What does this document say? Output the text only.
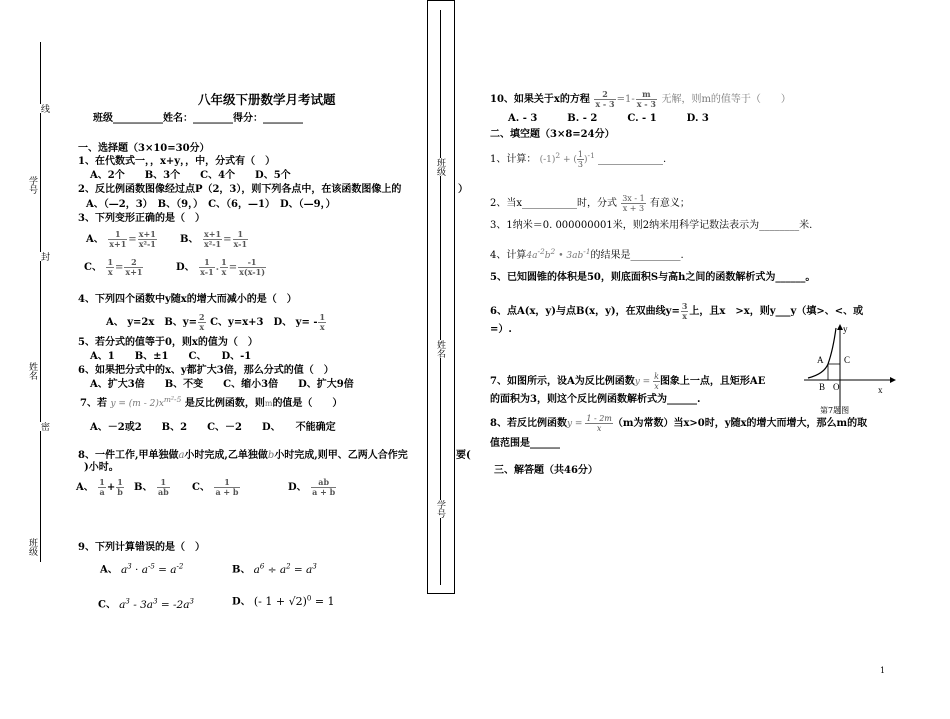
学号
线
封
姓名
密
班级
班级
姓名
学号
八年级下册数学月考试题
班级__________姓名：________得分：________
一、选择题（3×10=30分）
1、在代数式一，，x+y，，中，分式有（　）
A、2个　　B、3个　　C、4个　　D、5个
2、反比例函数图像经过点P（2，3），则下列各点中，在该函数图像上的	）
A、（—2，3）　B、（9，）　C、（6，—1）　D、（—9，）
3、下列变形正确的是（　）
A、 $\frac{1}{x+1} = \frac{x+1}{\text{x²-1}}$ B、 $\frac{x+1}{\text{x²-1}} = \frac{1}{x-1}$
C、 $\frac{1}{x} = \frac{2}{x+1}$	D、 $\frac{1}{x-1}$ . $\frac{1}{x} = \frac{-1}{x(x-1)}$
4、下列四个函数中y随x的增大而减小的是（　）
A、 y=2x　B、$y= \frac{2}{x}$ C、y=x+3　D、 $y= - \frac{1}{x}$
5、若分式的值等于0，则x的值为（　）
A、1　　B、±1　　C、　　D、-1
6、如果把分式中的x、y都扩大3倍，那么分式的值（　）
A、扩大3倍　　B、不变　　C、缩小3倍　　D、扩大9倍
7、若 $y = (m - 2)x^{m^2-5}$ 是反比例函数，则m的值是（　　）
A、－2或2　　B、2　　C、－2　　D、　　不能确定
8、一件工作,甲单独做a小时完成,乙单独做b小时完成,则甲、乙两人合作完	要(
)小时。
A、 $\frac{1}{a} + \frac{1}{b}$ B、 $\frac{1}{ab}$ C、 $\frac{1}{a + b}$	D、 $\frac{ab}{a + b}$
9、下列计算错误的是（　）
A、 $a^3 \cdot a^{-5} = a^{-2}$	B、 $a^6 \div a^2 = a^3$
C、 $a^3 - 3a^3 = -2a^3$	D、 (- 1 + √2)$^0$ = 1
10、如果关于x的方程 $\frac{2}{x - 3} =1- \frac{m}{x - 3}$ 无解，则m的值等于（　　）
A. - 3　　　B. - 2　　　C. - 1　　　D. 3
二、填空题（3×8=24分）
1、计算： $(-1)^2$ + ( $\frac{1}{3} )^{-1}$ _____________.
2、当x___________时，分式 $\frac{3x - 1}{x + 3}$ 有意义；
3、1纳米＝0. 000000001米，则2纳米用科学记数法表示为________米.
4、计算$4a^{-2}b^2$ • $3ab^{-1}$的结果是__________.
5、已知圆锥的体积是50，则底面积S与高h之间的函数解析式为______。
6、点A(x，y)与点B(x，y)，在双曲线$y= \frac{3}{x}$ 上，且x　>x，则y___y（填>、<、或
=）.
7、如图所示，设A为反比例函数$y = \frac{k}{x}$ 图象上一点，且矩形AE
的面积为3，则这个反比例函数解析式为______.
8、若反比例函数$y = \frac{1 - 2m}{x} (m$为常数）当x>0时，y随x的增大而增大，那么m的取
值范围是______
三、解答题（共46分）
A C
B O	x
y
第7题图
1
